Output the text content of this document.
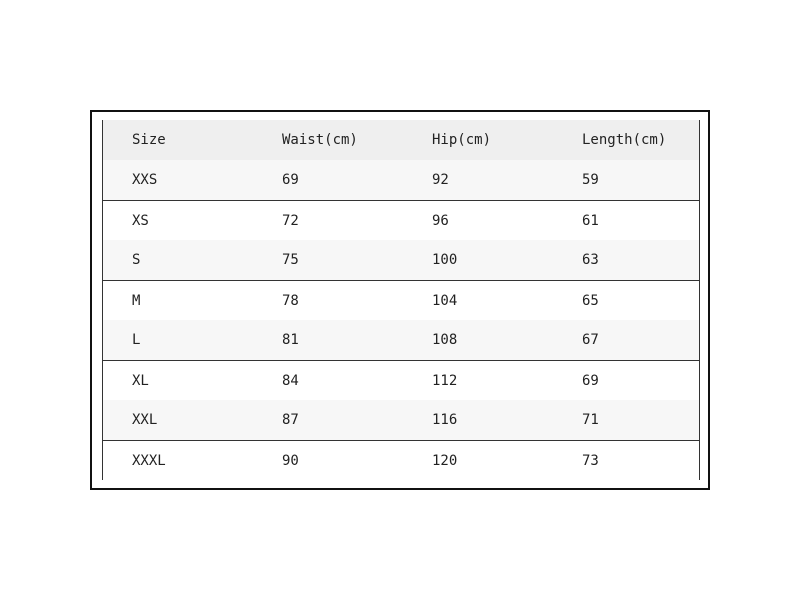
Size	Waist(cm)	Hip(cm)	Length(cm)
XXS	69	92	59
XS	72	96	61
S	75	100	63
M	78	104	65
L	81	108	67
XL	84	112	69
XXL	87	116	71
XXXL	90	120	73
